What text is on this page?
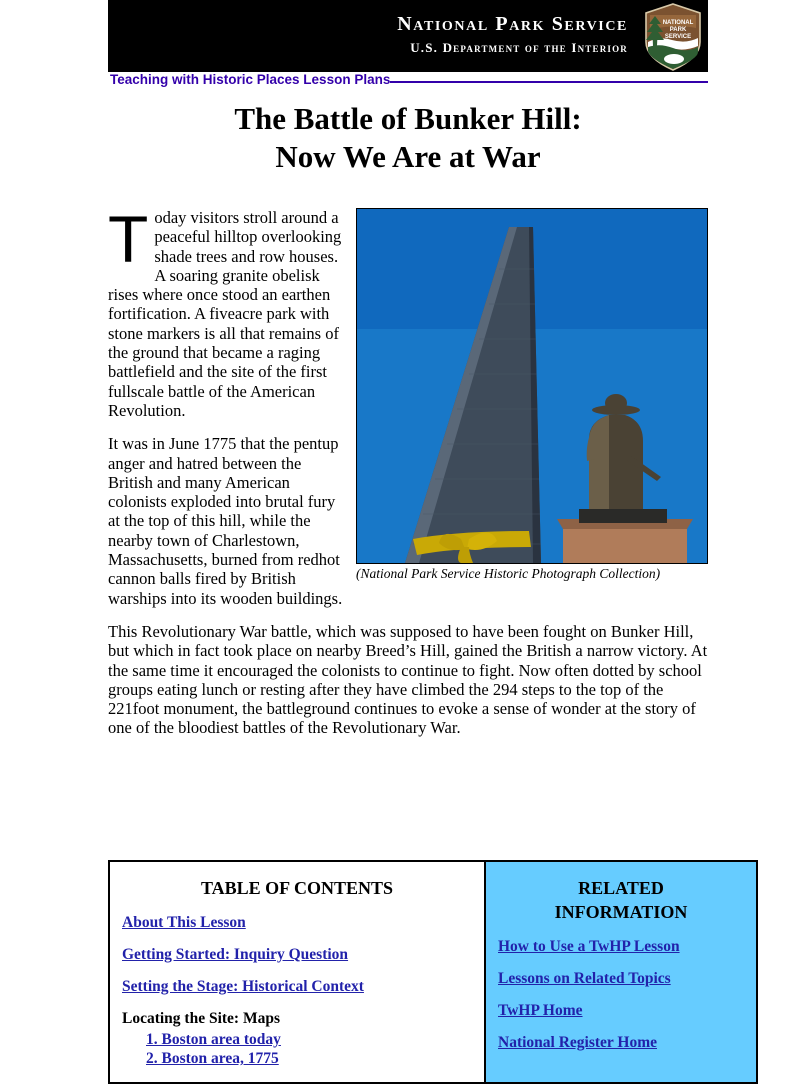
National Park Service
U.S. Department of the Interior
NATIONAL
PARK
SERVICE
Teaching with Historic Places Lesson Plans
The Battle of Bunker Hill:
Now We Are at War
(National Park Service Historic Photograph Collection)

Today visitors stroll around a peaceful hilltop overlooking shade trees and row houses. A soaring granite obelisk rises where once stood an earthen fortification. A fiveacre park with stone markers is all that remains of the ground that became a raging battlefield and the site of the first fullscale battle of the American Revolution.

It was in June 1775 that the pentup anger and hatred between the British and many American colonists exploded into brutal fury at the top of this hill, while the nearby town of Charlestown, Massachusetts, burned from redhot cannon balls fired by British warships into its wooden buildings.

This Revolutionary War battle, which was supposed to have been fought on Bunker Hill, but which in fact took place on nearby Breed’s Hill, gained the British a narrow victory. At the same time it encouraged the colonists to continue to fight. Now often dotted by school groups eating lunch or resting after they have climbed the 294 steps to the top of the 221foot monument, the battleground continues to evoke a sense of wonder at the story of one of the bloodiest battles of the Revolutionary War.

TABLE OF CONTENTS
About This Lesson
Getting Started: Inquiry Question
Setting the Stage: Historical Context
Locating the Site: Maps
1. Boston area today
2. Boston area, 1775

RELATED
INFORMATION
How to Use a TwHP Lesson
Lessons on Related Topics
TwHP Home
National Register Home
